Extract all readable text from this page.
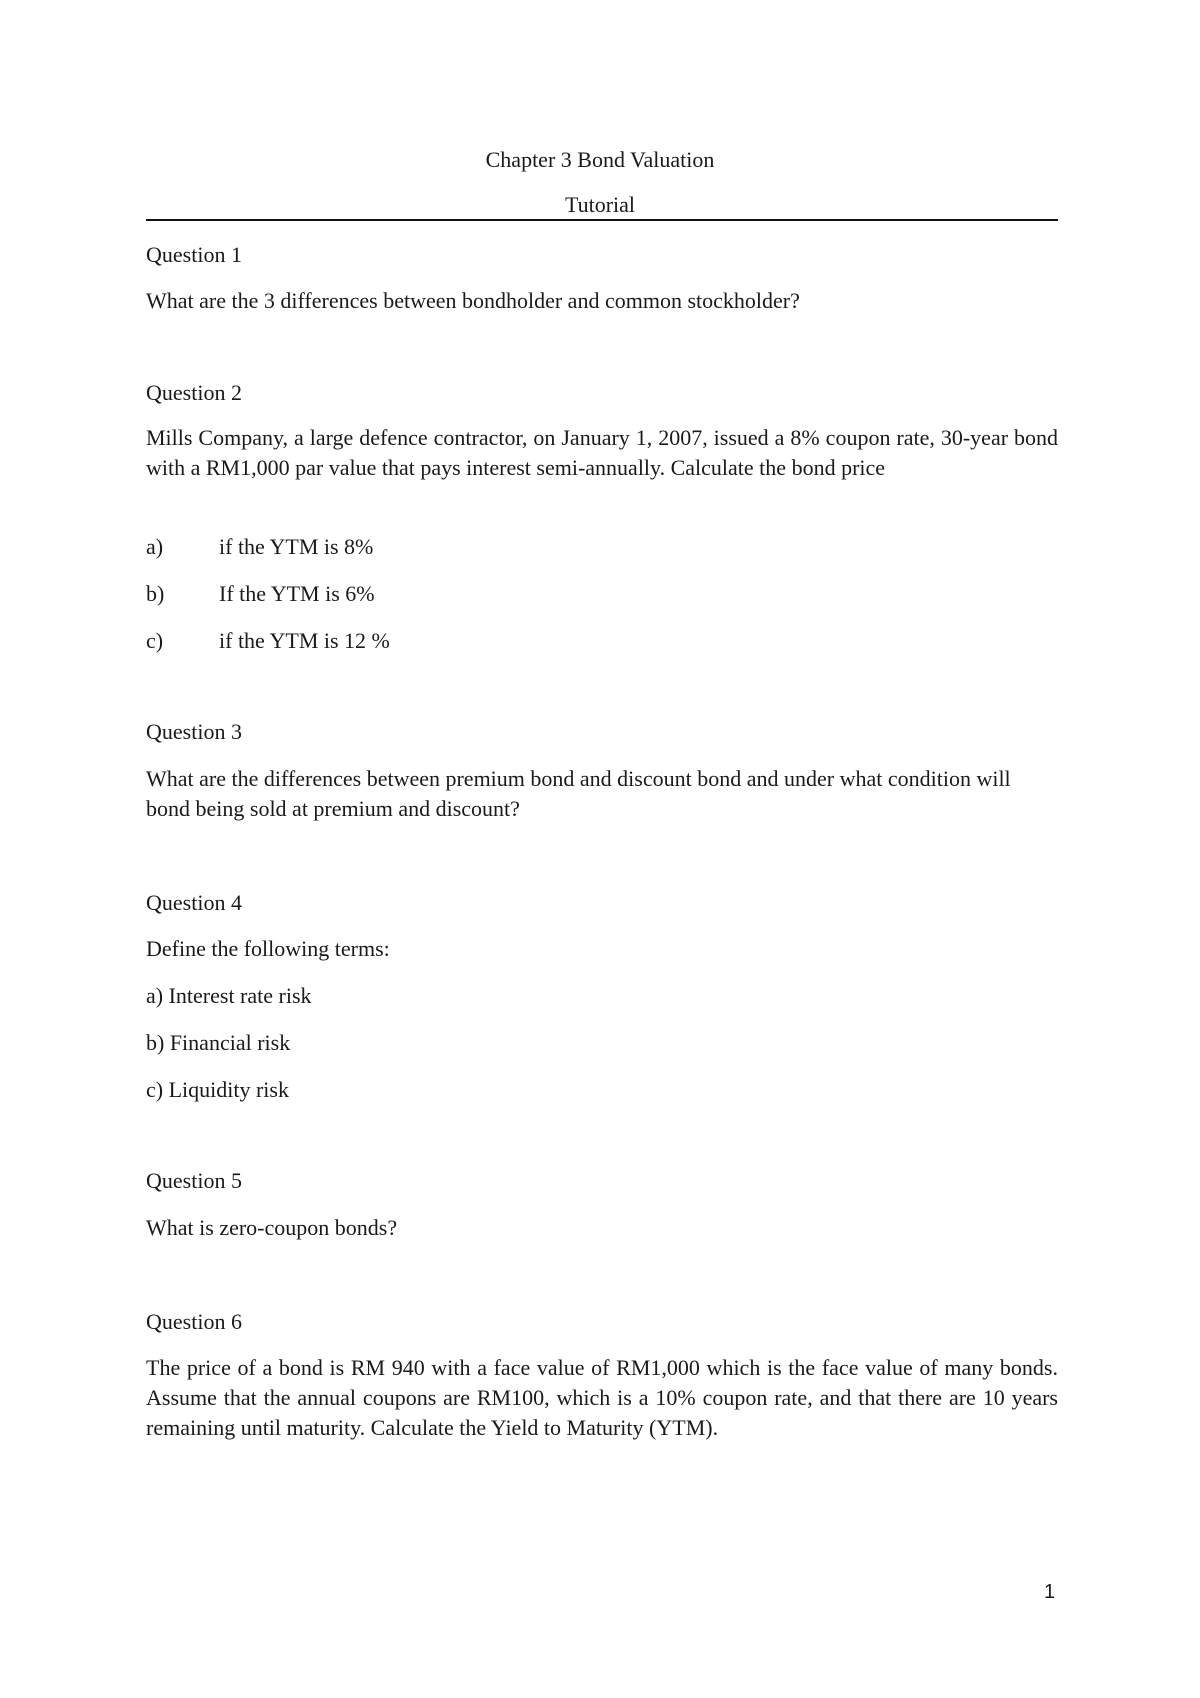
Chapter 3 Bond Valuation
Tutorial
Question 1
What are the 3 differences between bondholder and common stockholder?
Question 2
Mills Company, a large defence contractor, on January 1, 2007, issued a 8% coupon rate, 30-year bond with a RM1,000 par value that pays interest semi-annually. Calculate the bond price
a)	if the YTM is 8%
b) If the YTM is 6%
c)	if the YTM is 12 %
Question 3
What are the differences between premium bond and discount bond and under what condition will bond being sold at premium and discount?
Question 4
Define the following terms:
a) Interest rate risk
b) Financial risk
c) Liquidity risk
Question 5
What is zero-coupon bonds?
Question 6
The price of a bond is RM 940 with a face value of RM1,000 which is the face value of many bonds. Assume that the annual coupons are RM100, which is a 10% coupon rate, and that there are 10 years remaining until maturity. Calculate the Yield to Maturity (YTM).
1
